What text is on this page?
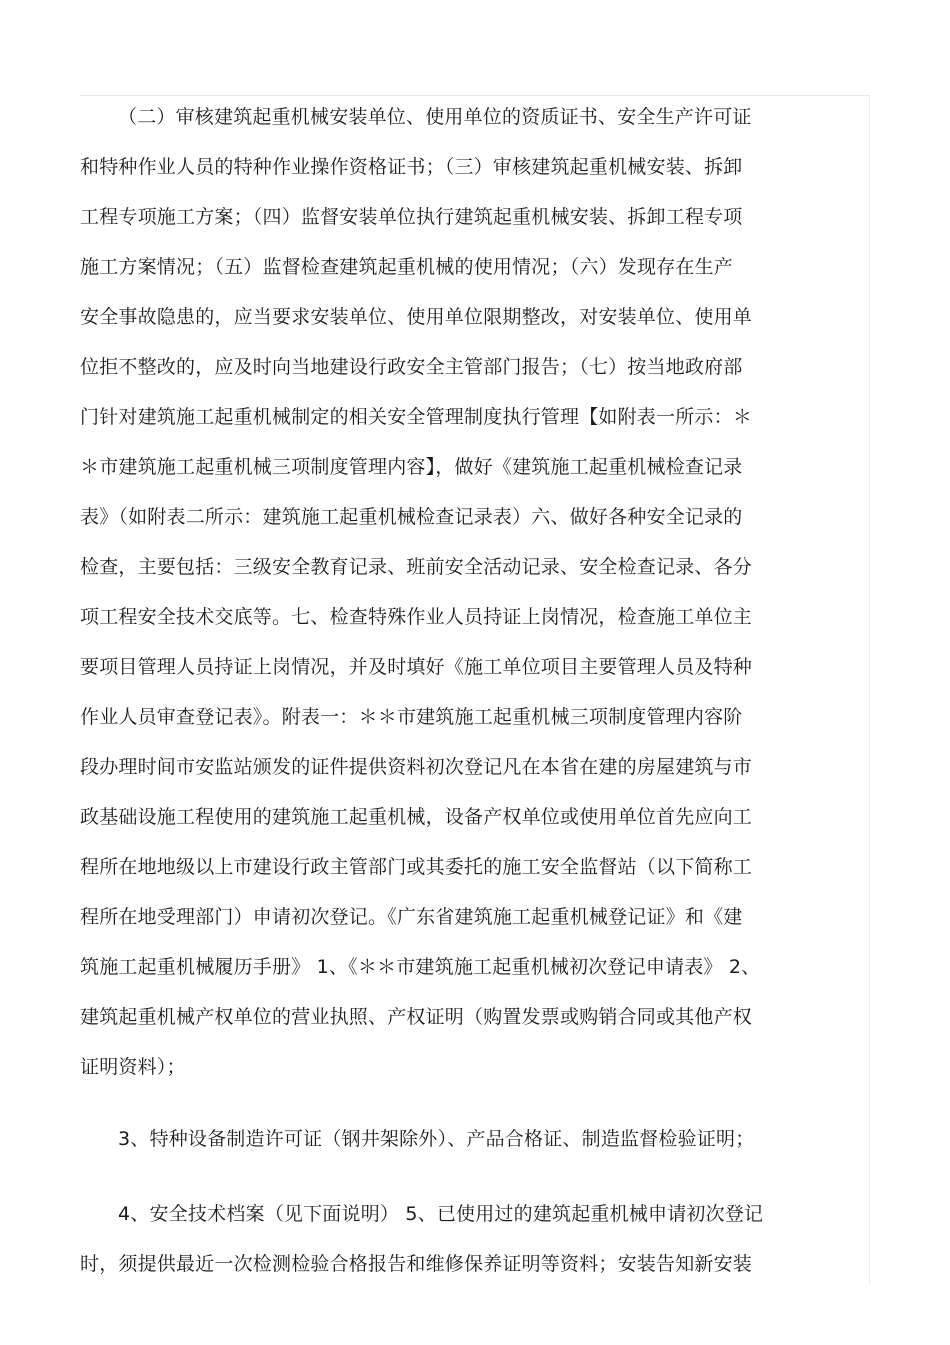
（二）审核建筑起重机械安装单位、使用单位的资质证书、安全生产许可证
和特种作业人员的特种作业操作资格证书；（三）审核建筑起重机械安装、拆卸
工程专项施工方案；（四）监督安装单位执行建筑起重机械安装、拆卸工程专项
施工方案情况；（五）监督检查建筑起重机械的使用情况；（六）发现存在生产
安全事故隐患的，应当要求安装单位、使用单位限期整改，对安装单位、使用单
位拒不整改的，应及时向当地建设行政安全主管部门报告；（七）按当地政府部
门针对建筑施工起重机械制定的相关安全管理制度执行管理【如附表一所示：＊
＊市建筑施工起重机械三项制度管理内容】，做好《建筑施工起重机械检查记录
表》（如附表二所示：建筑施工起重机械检查记录表）六、做好各种安全记录的
检查，主要包括：三级安全教育记录、班前安全活动记录、安全检查记录、各分
项工程安全技术交底等。七、检查特殊作业人员持证上岗情况，检查施工单位主
要项目管理人员持证上岗情况，并及时填好《施工单位项目主要管理人员及特种
作业人员审查登记表》。附表一：＊＊市建筑施工起重机械三项制度管理内容阶
段办理时间市安监站颁发的证件提供资料初次登记凡在本省在建的房屋建筑与市
政基础设施工程使用的建筑施工起重机械，设备产权单位或使用单位首先应向工
程所在地地级以上市建设行政主管部门或其委托的施工安全监督站（以下简称工
程所在地受理部门）申请初次登记。《广东省建筑施工起重机械登记证》和《建
筑施工起重机械履历手册》 1、《＊＊市建筑施工起重机械初次登记申请表》 2、
建筑起重机械产权单位的营业执照、产权证明（购置发票或购销合同或其他产权
证明资料）；

3、特种设备制造许可证（钢井架除外）、产品合格证、制造监督检验证明；

4、安全技术档案（见下面说明） 5、已使用过的建筑起重机械申请初次登记
时，须提供最近一次检测检验合格报告和维修保养证明等资料；安装告知新安装
